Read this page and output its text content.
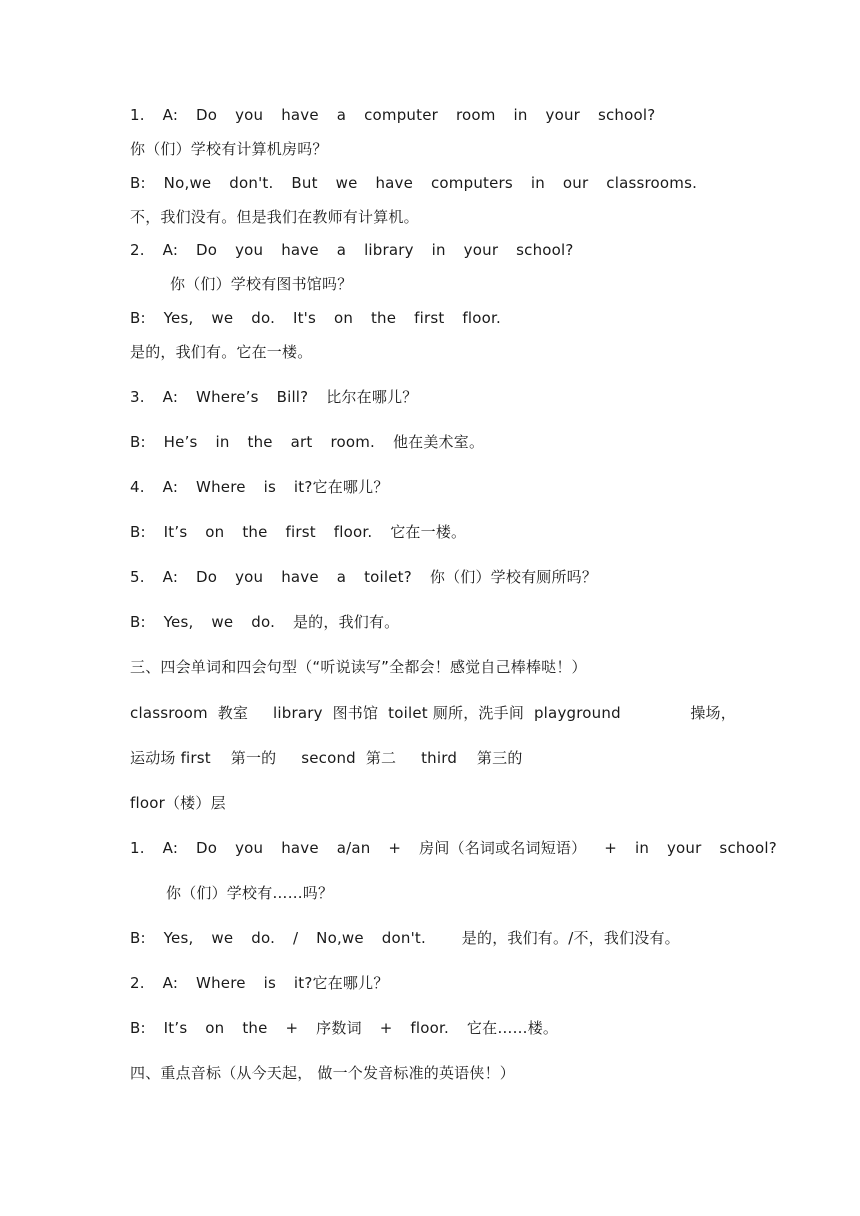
1.  A:  Do  you  have  a  computer  room  in  your  school?
你（们）学校有计算机房吗？
B:  No,we  don't.  But  we  have  computers  in  our  classrooms.
不，我们没有。但是我们在教师有计算机。
2.  A:  Do  you  have  a  library  in  your  school?
你（们）学校有图书馆吗？
B:  Yes,  we  do.  It's  on  the  first  floor.
是的，我们有。它在一楼。
3.  A:  Where’s  Bill?  比尔在哪儿？
B:  He’s  in  the  art  room.  他在美术室。
4.  A:  Where  is  it?它在哪儿？
B:  It’s  on  the  first  floor.  它在一楼。
5.  A:  Do  you  have  a  toilet?  你（们）学校有厕所吗？
B:  Yes,  we  do.  是的，我们有。
三、四会单词和四会句型（“听说读写”全都会！感觉自己棒棒哒！）
classroom  教室     library  图书馆  toilet 厕所，洗手间  playground              操场，
运动场 first    第一的     second  第二     third    第三的
floor（楼）层
1.  A:  Do  you  have  a/an  +  房间（名词或名词短语）  +  in  your  school?
你（们）学校有……吗？
B:  Yes,  we  do.  /  No,we  don't.    是的，我们有。/不，我们没有。
2.  A:  Where  is  it?它在哪儿？
B:  It’s  on  the  +  序数词  +  floor.  它在……楼。
四、重点音标（从今天起， 做一个发音标准的英语侠！）
